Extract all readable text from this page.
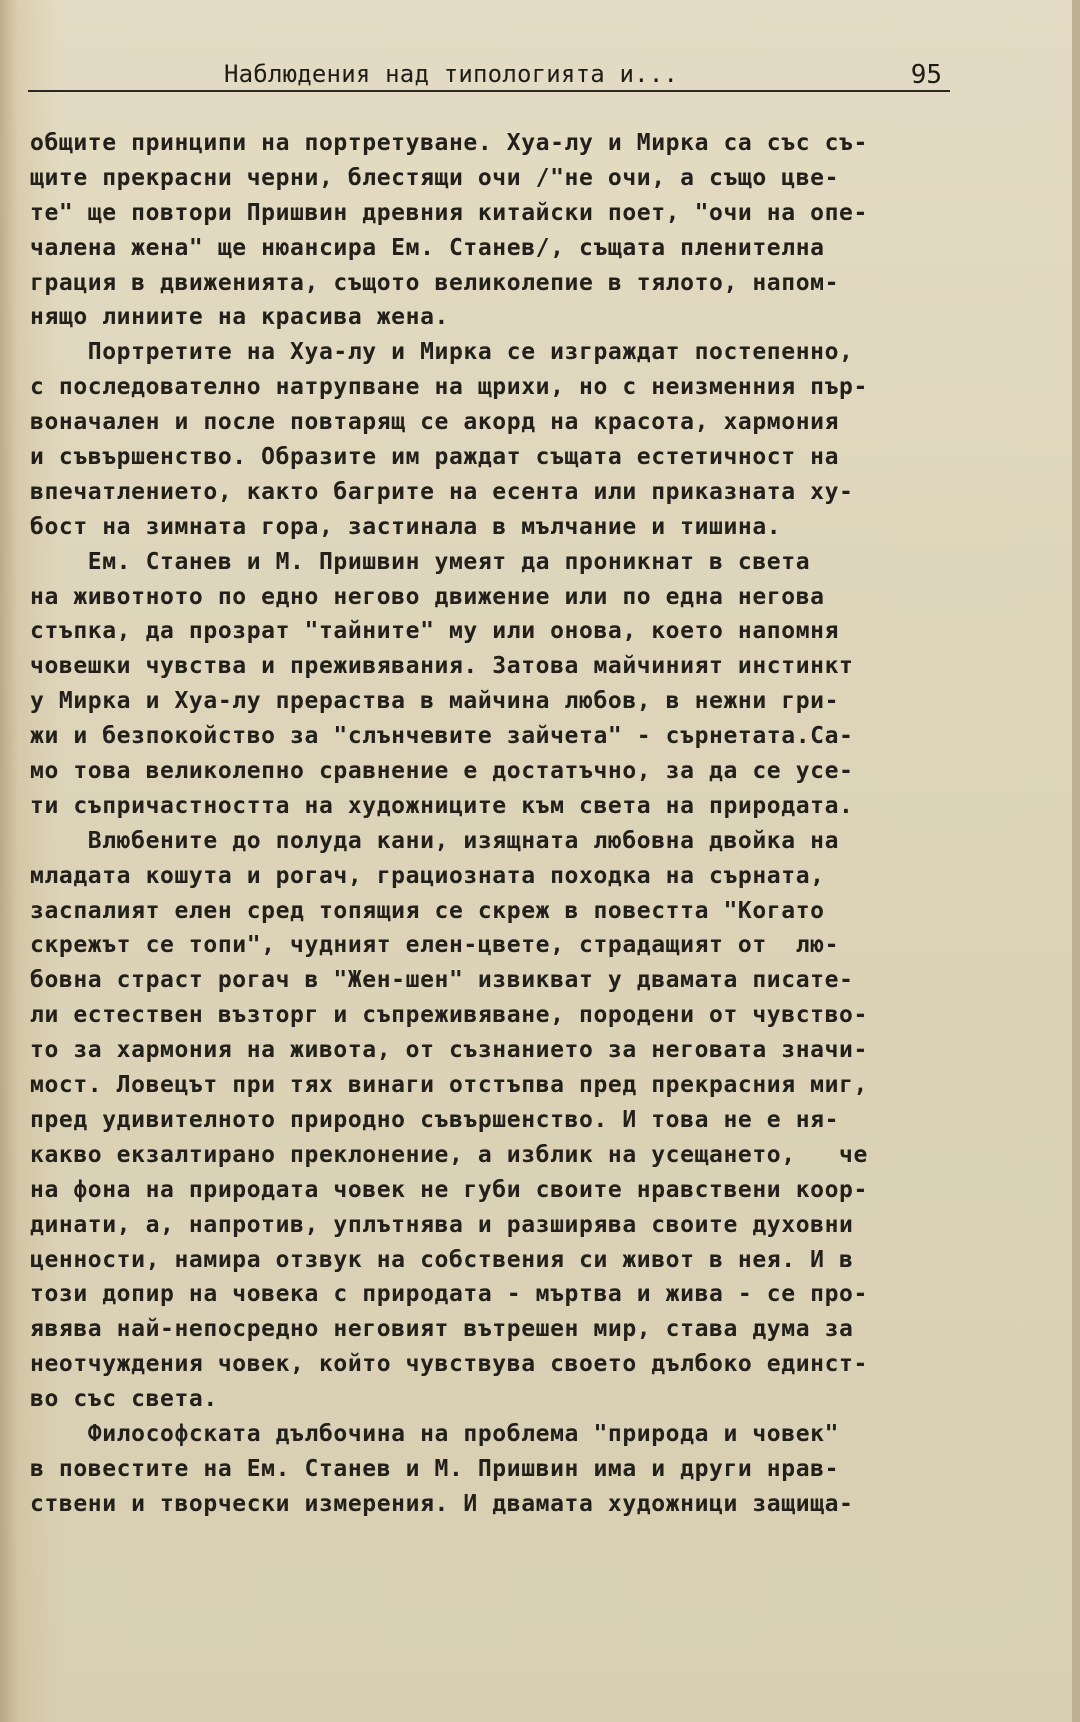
Наблюдения над типологията и...	95
общите принципи на портретуване. Хуа-лу и Мирка са със съ-
щите прекрасни черни, блестящи очи /"не очи, а също цве-
те" ще повтори Пришвин древния китайски поет, "очи на опе-
чалена жена" ще нюансира Ем. Станев/, същата пленителна
грация в движенията, същото великолепие в тялото, напом-
нящо линиите на красива жена.
Портретите на Хуа-лу и Мирка се изграждат постепенно,
с последователно натрупване на щрихи, но с неизменния пър-
воначален и после повтарящ се акорд на красота, хармония
и съвършенство. Образите им раждат същата естетичност на
впечатлението, както багрите на есента или приказната ху-
бост на зимната гора, застинала в мълчание и тишина.
Ем. Станев и М. Пришвин умеят да проникнат в света
на животното по едно негово движение или по една негова
стъпка, да прозрат "тайните" му или онова, което напомня
човешки чувства и преживявания. Затова майчиният инстинкт
у Мирка и Хуа-лу прераства в майчина любов, в нежни гри-
жи и безпокойство за "слънчевите зайчета" - сърнетата.Са-
мо това великолепно сравнение е достатъчно, за да се усе-
ти съпричастността на художниците към света на природата.
Влюбените до полуда кани, изящната любовна двойка на
младата кошута и рогач, грациозната походка на сърната,
заспалият елен сред топящия се скреж в повестта "Когато
скрежът се топи", чудният елен-цвете, страдащият от  лю-
бовна страст рогач в "Жен-шен" извикват у двамата писате-
ли естествен възторг и съпреживяване, породени от чувство-
то за хармония на живота, от съзнанието за неговата значи-
мост. Ловецът при тях винаги отстъпва пред прекрасния миг,
пред удивителното природно съвършенство. И това не е ня-
какво екзалтирано преклонение, а изблик на усещането,   че
на фона на природата човек не губи своите нравствени коор-
динати, а, напротив, уплътнява и разширява своите духовни
ценности, намира отзвук на собствения си живот в нея. И в
този допир на човека с природата - мъртва и жива - се про-
явява най-непосредно неговият вътрешен мир, става дума за
неотчуждения човек, който чувствува своето дълбоко единст-
во със света.
Философската дълбочина на проблема "природа и човек"
в повестите на Ем. Станев и М. Пришвин има и други нрав-
ствени и творчески измерения. И двамата художници защища-
